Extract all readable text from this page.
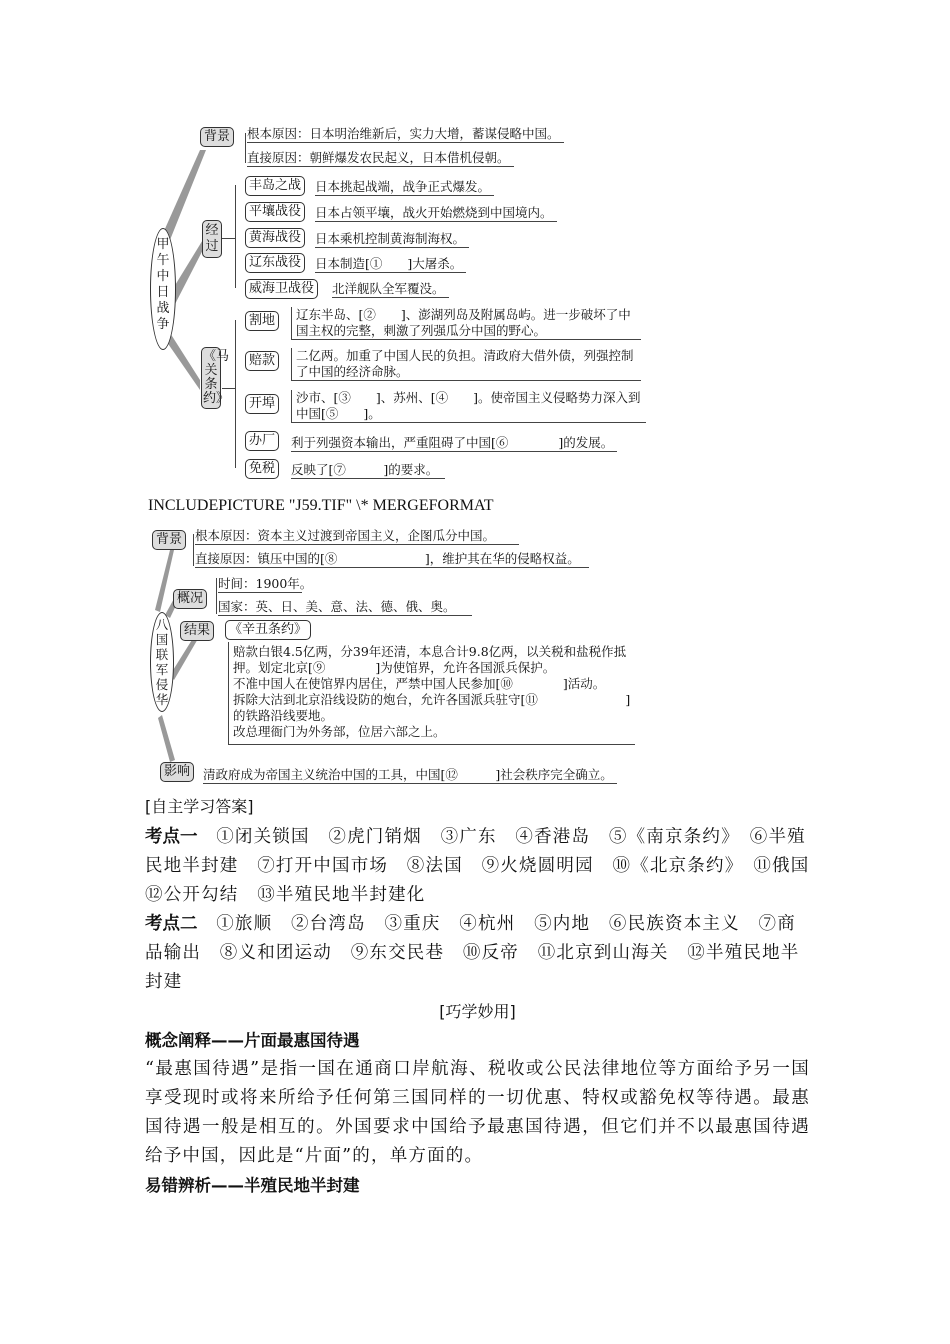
甲午中日战争
背景	根本原因：日本明治维新后，实力大增，蓄谋侵略中国。
直接原因：朝鲜爆发农民起义，日本借机侵朝。
经过
丰岛之战	日本挑起战端，战争正式爆发。
平壤战役	日本占领平壤，战火开始燃烧到中国境内。
黄海战役	日本乘机控制黄海制海权。
辽东战役	日本制造[①　　]大屠杀。
威海卫战役	北洋舰队全军覆没。
《马关条约》
割地	辽东半岛、[②　　]、澎湖列岛及附属岛屿。进一步破坏了中国主权的完整，刺激了列强瓜分中国的野心。
赔款	二亿两。加重了中国人民的负担。清政府大借外债，列强控制了中国的经济命脉。
开埠	沙市、[③　　]、苏州、[④　　]。使帝国主义侵略势力深入到中国[⑤　　]。
办厂	利于列强资本输出，严重阻碍了中国[⑥　　　　]的发展。
免税	反映了[⑦　　　]的要求。
INCLUDEPICTURE "J59.TIF" \* MERGEFORMAT
八国联军侵华
背景	根本原因：资本主义过渡到帝国主义，企图瓜分中国。
直接原因：镇压中国的[⑧　　　　　　　]，维护其在华的侵略权益。
概况
时间：1900年。
国家：英、日、美、意、法、德、俄、奥。
结果	《辛丑条约》
赔款白银4.5亿两，分39年还清，本息合计9.8亿两，以关税和盐税作抵押。划定北京[⑨　　　　]为使馆界，允许各国派兵保护。
不准中国人在使馆界内居住，严禁中国人民参加[⑩　　　　]活动。
拆除大沽到北京沿线设防的炮台，允许各国派兵驻守[⑪　　　　　　　]的铁路沿线要地。
改总理衙门为外务部，位居六部之上。
影响	清政府成为帝国主义统治中国的工具，中国[⑫　　　]社会秩序完全确立。
[自主学习答案]
考点一　 ①闭关锁国　②虎门销烟　③广东　④香港岛　⑤《南京条约》　⑥半殖民地半封建　⑦打开中国市场　⑧法国　⑨火烧圆明园　⑩《北京条约》　⑪俄国　⑫公开勾结　⑬半殖民地半封建化
考点二　 ①旅顺　②台湾岛　③重庆　④杭州　⑤内地　⑥民族资本主义　⑦商品输出　⑧义和团运动　⑨东交民巷　⑩反帝　⑪北京到山海关　⑫半殖民地半封建
[巧学妙用]
概念阐释——片面最惠国待遇
“最惠国待遇”是指一国在通商口岸航海、税收或公民法律地位等方面给予另一国享受现时或将来所给予任何第三国同样的一切优惠、特权或豁免权等待遇。最惠国待遇一般是相互的。外国要求中国给予最惠国待遇，但它们并不以最惠国待遇给予中国，因此是“片面”的，单方面的。
易错辨析——半殖民地半封建
